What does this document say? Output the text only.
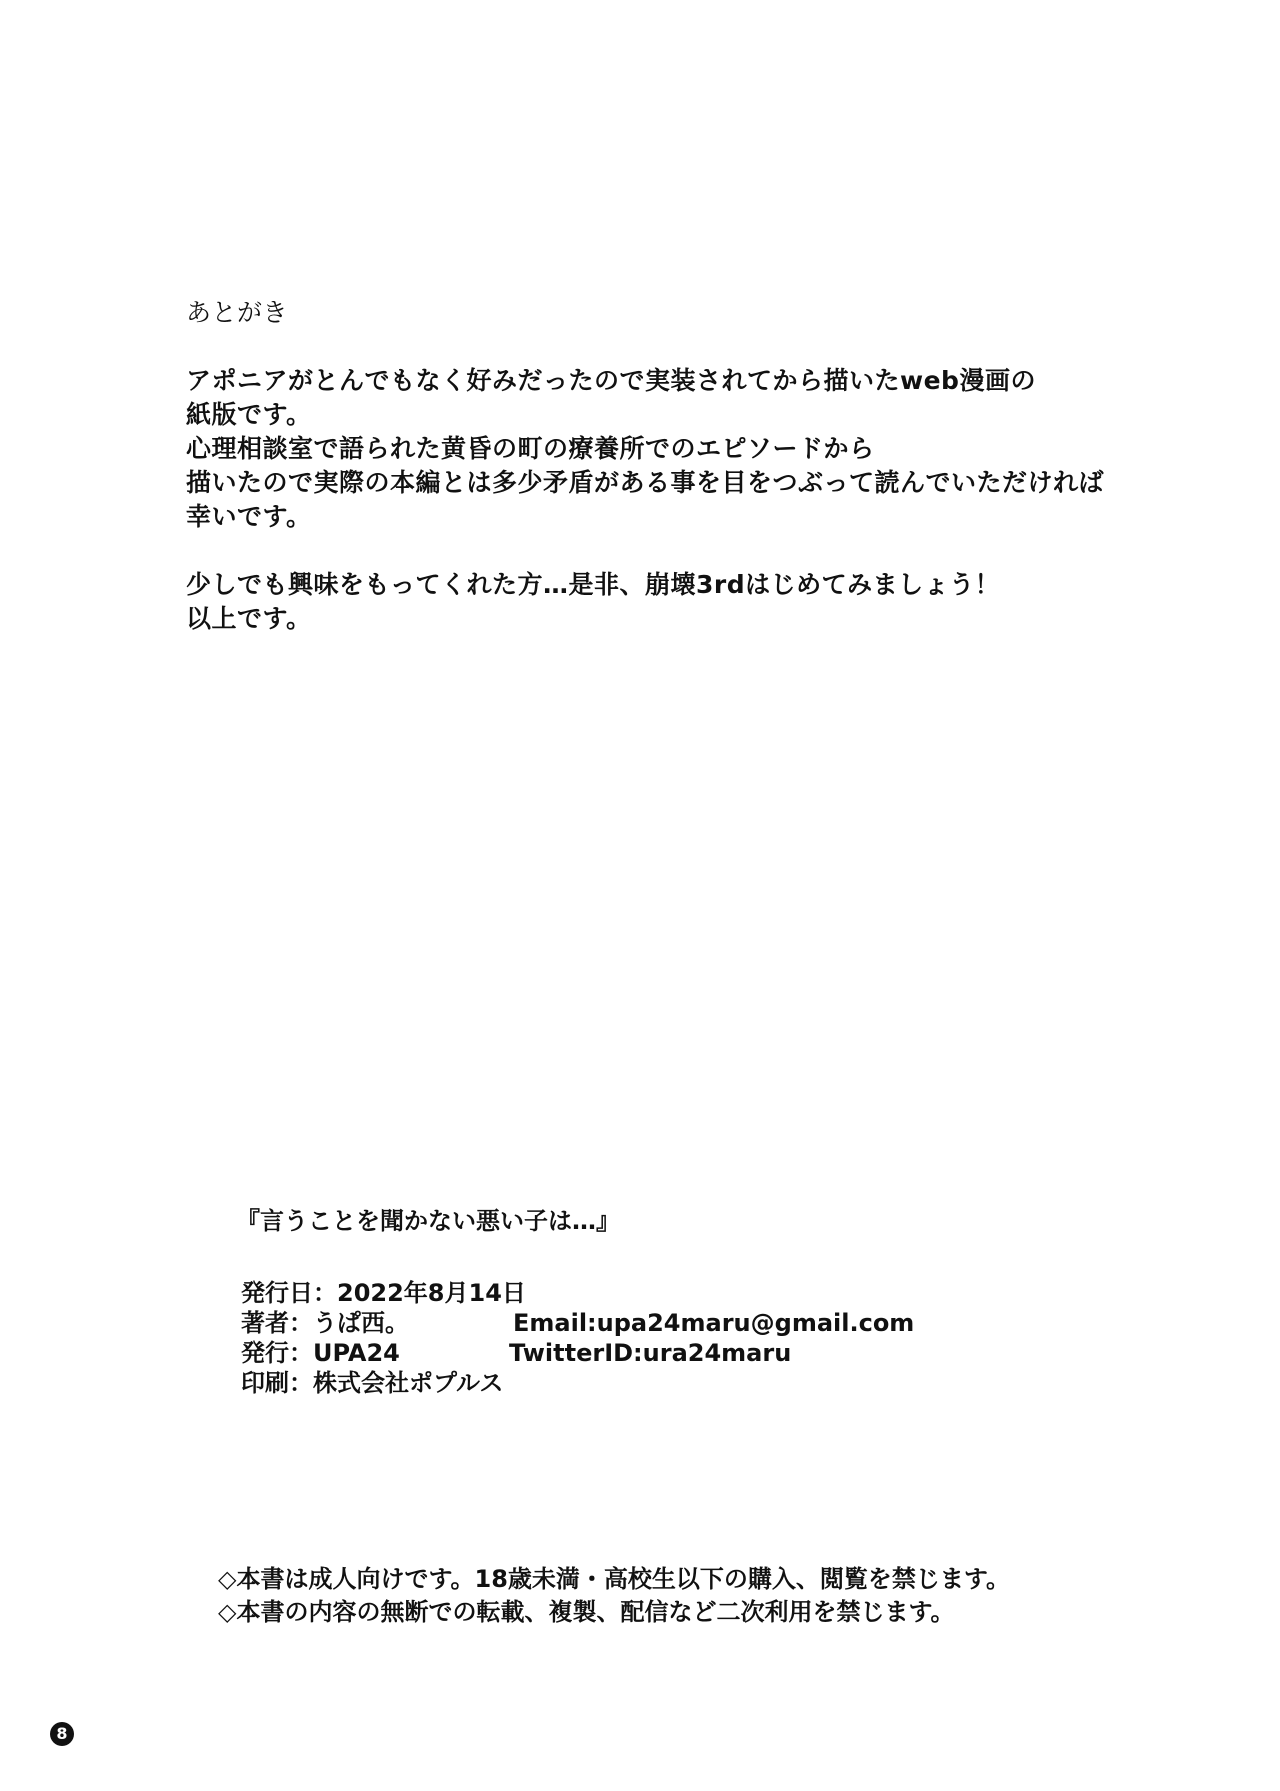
あとがき
アポニアがとんでもなく好みだったので実装されてから描いたweb漫画の
紙版です。
心理相談室で語られた黄昏の町の療養所でのエピソードから
描いたので実際の本編とは多少矛盾がある事を目をつぶって読んでいただければ
幸いです。
少しでも興味をもってくれた方…是非、崩壊3rdはじめてみましょう！
以上です。
『言うことを聞かない悪い子は…』
発行日：2022年8月14日
著者：うぱ西。	Email:upa24maru@gmail.com
発行：UPA24	TwitterID:ura24maru
印刷：株式会社ポプルス
◇本書は成人向けです。18歳未満・高校生以下の購入、閲覧を禁じます。
◇本書の内容の無断での転載、複製、配信など二次利用を禁じます。
8
